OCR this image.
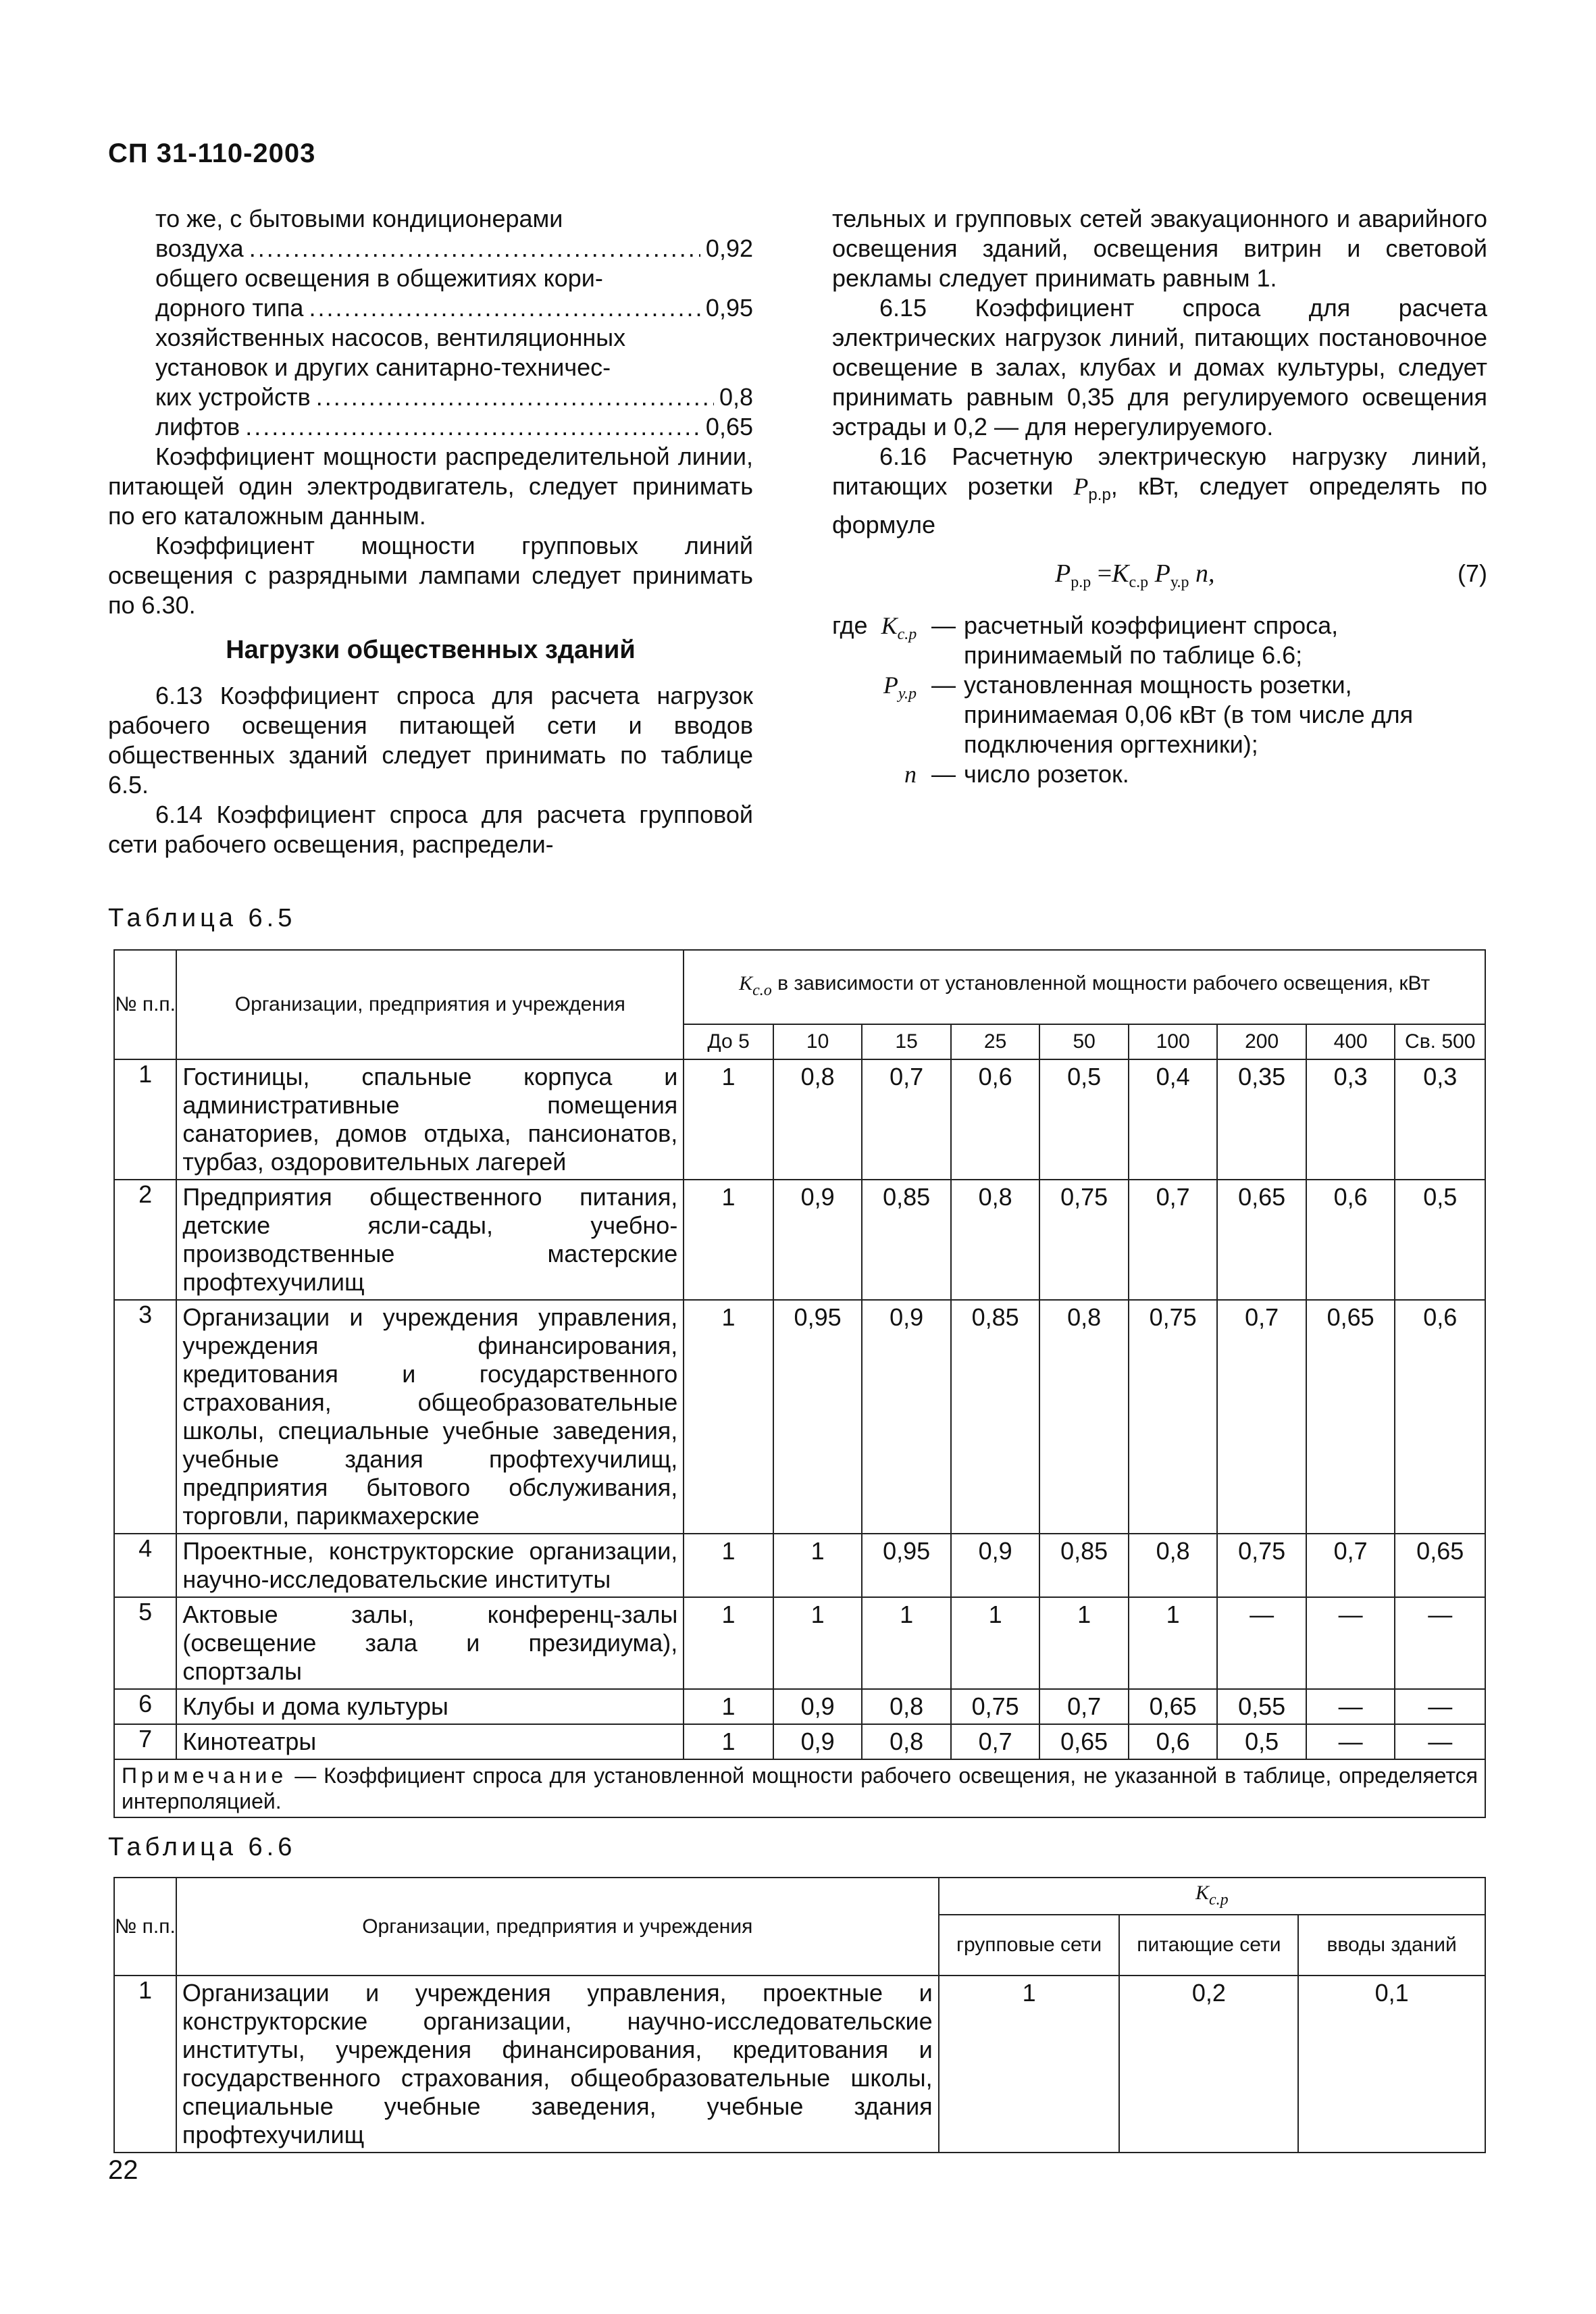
СП 31-110-2003
то же, с бытовыми кондиционерами
воздуха .....	0,92
общего освещения в общежитиях кори-
дорного типа .....	0,95
хозяйственных насосов, вентиляционных
установок и других санитарно-техничес-
ких устройств .....	0,8
лифтов .....	0,65

Коэффициент мощности распределительной линии, питающей один электродвигатель, следует принимать по его каталожным данным.

Коэффициент мощности групповых линий освещения с разрядными лампами следует принимать по 6.30.

Нагрузки общественных зданий

6.13 Коэффициент спроса для расчета нагрузок рабочего освещения питающей сети и вводов общественных зданий следует принимать по таблице 6.5.

6.14 Коэффициент спроса для расчета групповой сети рабочего освещения, распредели-

тельных и групповых сетей эвакуационного и аварийного освещения зданий, освещения витрин и световой рекламы следует принимать равным 1.

6.15 Коэффициент спроса для расчета электрических нагрузок линий, питающих постановочное освещение в залах, клубах и домах культуры, следует принимать равным 0,35 для регулируемого освещения эстрады и 0,2 — для нерегулируемого.

6.16 Расчетную электрическую нагрузку линий, питающих розетки $P_{р.р}$, кВт, следует определять по формуле

$P_{р.р} =K_{с.р}$ $P_{у.р}$ n,	(7)
где $K_{с.р}$ — расчетный коэффициент спроса, принимаемый по таблице 6.6;
$P_{у.р}$ — установленная мощность розетки, принимаемая 0,06 кВт (в том числе для подключения оргтехники);
n — число розеток.
Таблица 6.5
№ п.п.	Организации, предприятия и учреждения	$K_{с.о}$ в зависимости от установленной мощности рабочего освещения, кВт								
		До 5	10	15	25	50	100	200	400	Св. 500
1	Гостиницы, спальные корпуса и административные помещения санаториев, домов отдыха, пансионатов, турбаз, оздоровительных лагерей	1	0,8	0,7	0,6	0,5	0,4	0,35	0,3	0,3
2	Предприятия общественного питания, детские ясли-сады, учебно-производственные мастерские профтехучилищ	1	0,9	0,85	0,8	0,75	0,7	0,65	0,6	0,5
3	Организации и учреждения управления, учреждения финансирования, кредитования и государственного страхования, общеобразовательные школы, специальные учебные заведения, учебные здания профтехучилищ, предприятия бытового обслуживания, торговли, парикмахерские	1	0,95	0,9	0,85	0,8	0,75	0,7	0,65	0,6
4	Проектные, конструкторские организации, научно-исследовательские институты	1	1	0,95	0,9	0,85	0,8	0,75	0,7	0,65
5	Актовые залы, конференц-залы (освещение зала и президиума), спортзалы	1	1	1	1	1	1	—	—	—
6	Клубы и дома культуры	1	0,9	0,8	0,75	0,7	0,65	0,55	—	—
7	Кинотеатры	1	0,9	0,8	0,7	0,65	0,6	0,5	—	—
Примечание — Коэффициент спроса для установленной мощности рабочего освещения, не указанной в таблице, определяется интерполяцией.										
Таблица 6.6
№ п.п.	Организации, предприятия и учреждения	$K_{с.р}$
		групповые сети	питающие сети	вводы зданий
1	Организации и учреждения управления, проектные и конструкторские организации, научно-исследовательские институты, учреждения финансирования, кредитования и государственного страхования, общеобразовательные школы, специальные учебные заведения, учебные здания профтехучилищ	1	0,2	0,1
22
